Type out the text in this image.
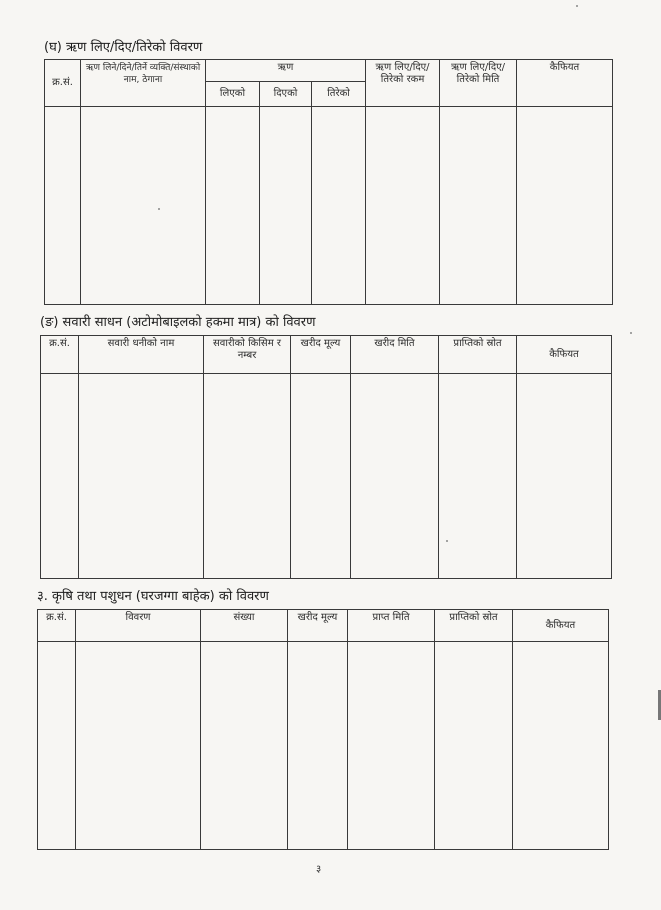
(घ) ऋण लिए/दिए/तिरेको विवरण
क्र.सं.	ऋण लिने/दिने/तिर्ने व्यक्ति/संस्थाको नाम, ठेगाना	ऋण			ऋण लिए/दिए/तिरेको रकम	ऋण लिए/दिए/तिरेको मिति	कैफियत
		लिएको	दिएको	तिरेको			

(ङ) सवारी साधन (अटोमोबाइलको हकमा मात्र) को विवरण
क्र.सं.	सवारी धनीको नाम	सवारीको किसिम र नम्बर	खरीद मूल्य	खरीद मिति	प्राप्तिको स्रोत	कैफियत

३. कृषि तथा पशुधन (घरजग्गा बाहेक) को विवरण
क्र.सं.	विवरण	संख्या	खरीद मूल्य	प्राप्त मिति	प्राप्तिको स्रोत	कैफियत

३
